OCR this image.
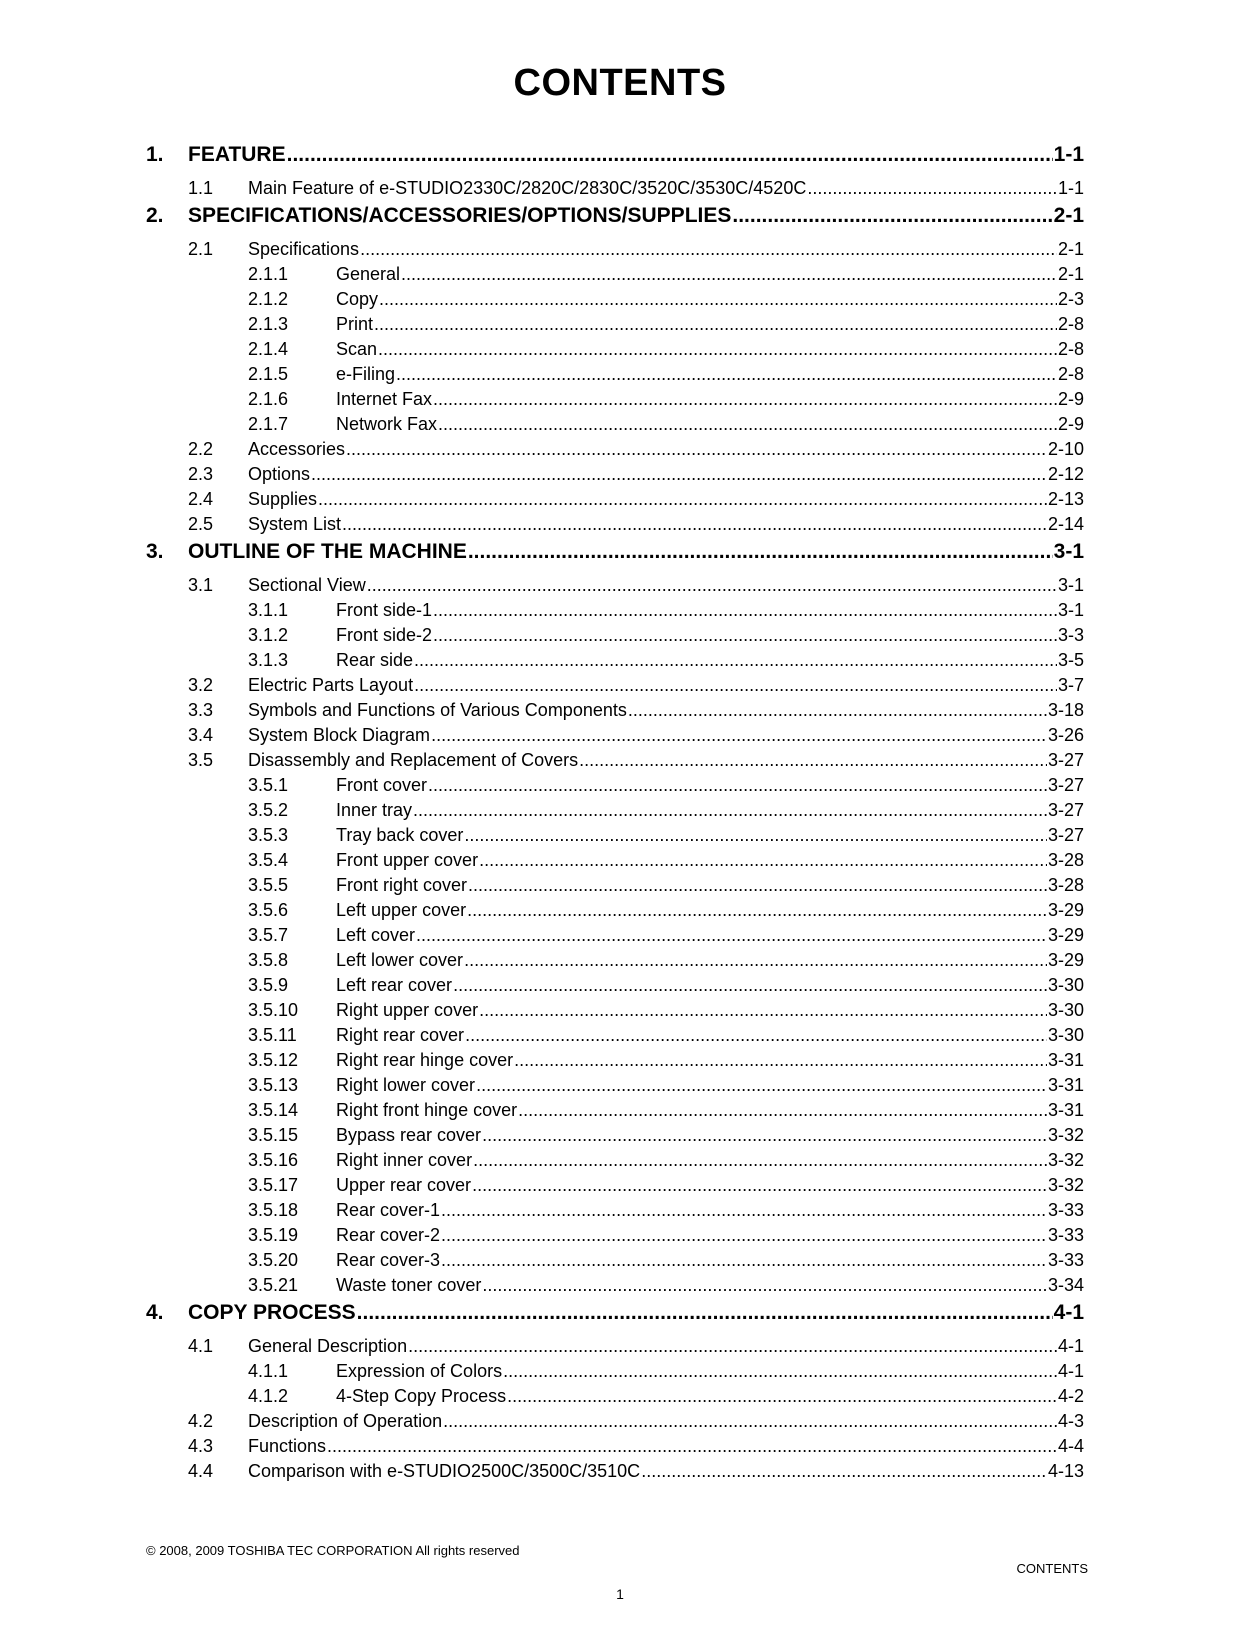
CONTENTS
1.	FEATURE .....	1-1
1.1	Main Feature of e-STUDIO2330C/2820C/2830C/3520C/3530C/4520C .....	1-1
2.	SPECIFICATIONS/ACCESSORIES/OPTIONS/SUPPLIES .....	2-1
2.1	Specifications .....	2-1
2.1.1	General .....	2-1
2.1.2	Copy .....	2-3
2.1.3	Print .....	2-8
2.1.4	Scan .....	2-8
2.1.5	e-Filing .....	2-8
2.1.6	Internet Fax .....	2-9
2.1.7	Network Fax .....	2-9
2.2	Accessories .....	2-10
2.3	Options .....	2-12
2.4	Supplies .....	2-13
2.5	System List .....	2-14
3.	OUTLINE OF THE MACHINE .....	3-1
3.1	Sectional View .....	3-1
3.1.1	Front side-1 .....	3-1
3.1.2	Front side-2 .....	3-3
3.1.3	Rear side .....	3-5
3.2	Electric Parts Layout .....	3-7
3.3	Symbols and Functions of Various Components .....	3-18
3.4	System Block Diagram .....	3-26
3.5	Disassembly and Replacement of Covers .....	3-27
3.5.1	Front cover .....	3-27
3.5.2	Inner tray .....	3-27
3.5.3	Tray back cover .....	3-27
3.5.4	Front upper cover .....	3-28
3.5.5	Front right cover .....	3-28
3.5.6	Left upper cover .....	3-29
3.5.7	Left cover .....	3-29
3.5.8	Left lower cover .....	3-29
3.5.9	Left rear cover .....	3-30
3.5.10	Right upper cover .....	3-30
3.5.11	Right rear cover .....	3-30
3.5.12	Right rear hinge cover .....	3-31
3.5.13	Right lower cover .....	3-31
3.5.14	Right front hinge cover .....	3-31
3.5.15	Bypass rear cover .....	3-32
3.5.16	Right inner cover .....	3-32
3.5.17	Upper rear cover .....	3-32
3.5.18	Rear cover-1 .....	3-33
3.5.19	Rear cover-2 .....	3-33
3.5.20	Rear cover-3 .....	3-33
3.5.21	Waste toner cover .....	3-34
4.	COPY PROCESS .....	4-1
4.1	General Description .....	4-1
4.1.1	Expression of Colors .....	4-1
4.1.2	4-Step Copy Process .....	4-2
4.2	Description of Operation .....	4-3
4.3	Functions .....	4-4
4.4	Comparison with e-STUDIO2500C/3500C/3510C .....	4-13
© 2008, 2009 TOSHIBA TEC CORPORATION All rights reserved
CONTENTS
1
